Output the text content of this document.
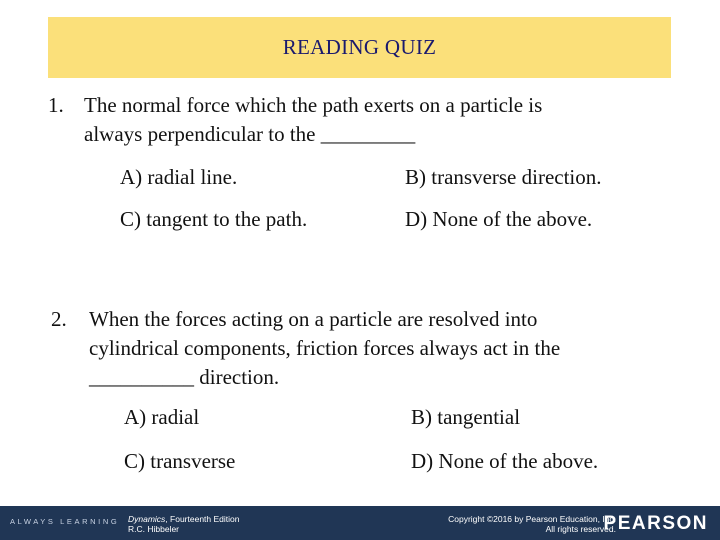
READING QUIZ
1. The normal force which the path exerts on a particle is
always perpendicular to the _________
A) radial line.	B) transverse direction.
C) tangent to the path.	D) None of the above.
2. When the forces acting on a particle are resolved into
cylindrical components, friction forces always act in the
__________ direction.
A) radial	B) tangential
C) transverse	D) None of the above.
ALWAYS LEARNING Dynamics, Fourteenth Edition
R.C. Hibbeler
Copyright ©2016 by Pearson Education, Inc.
All rights reserved.
PEARSON
